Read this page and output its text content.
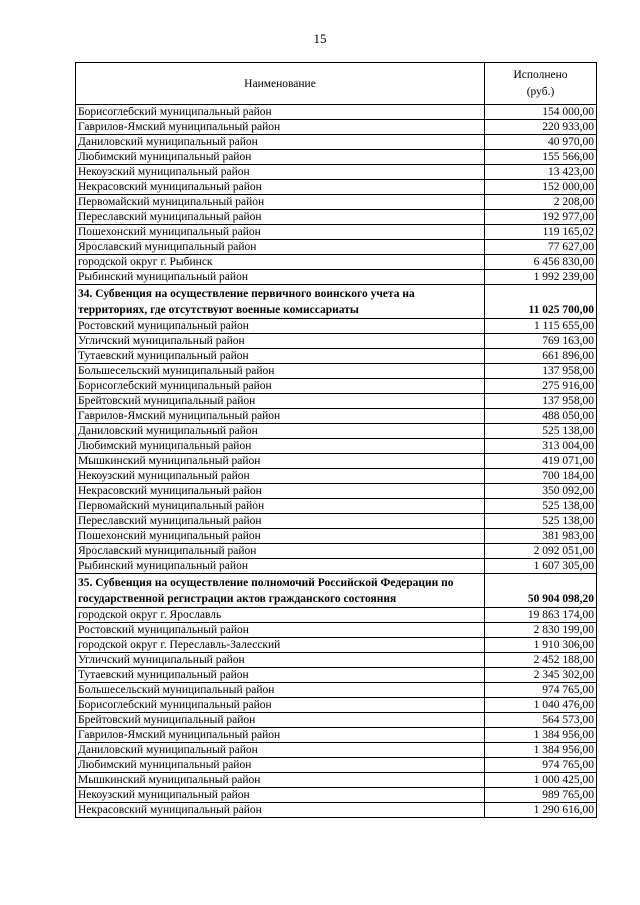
15
Наименование	Исполнено
(руб.)
Борисоглебский муниципальный район	154 000,00
Гаврилов-Ямский муниципальный район	220 933,00
Даниловский муниципальный район	40 970,00
Любимский муниципальный район	155 566,00
Некоузский муниципальный район	13 423,00
Некрасовский муниципальный район	152 000,00
Первомайский муниципальный район	2 208,00
Переславский муниципальный район	192 977,00
Пошехонский муниципальный район	119 165,02
Ярославский муниципальный район	77 627,00
городской округ г. Рыбинск	6 456 830,00
Рыбинский муниципальный район	1 992 239,00
34. Субвенция на осуществление первичного воинского учета на территориях, где отсутствуют военные комиссариаты	11 025 700,00
Ростовский муниципальный район	1 115 655,00
Угличский муниципальный район	769 163,00
Тутаевский муниципальный район	661 896,00
Большесельский муниципальный район	137 958,00
Борисоглебский муниципальный район	275 916,00
Брейтовский муниципальный район	137 958,00
Гаврилов-Ямский муниципальный район	488 050,00
Даниловский муниципальный район	525 138,00
Любимский муниципальный район	313 004,00
Мышкинский муниципальный район	419 071,00
Некоузский муниципальный район	700 184,00
Некрасовский муниципальный район	350 092,00
Первомайский муниципальный район	525 138,00
Переславский муниципальный район	525 138,00
Пошехонский муниципальный район	381 983,00
Ярославский муниципальный район	2 092 051,00
Рыбинский муниципальный район	1 607 305,00
35. Субвенция на осуществление полномочий Российской Федерации по государственной регистрации актов гражданского состояния	50 904 098,20
городской округ г. Ярославль	19 863 174,00
Ростовский муниципальный район	2 830 199,00
городской округ г. Переславль-Залесский	1 910 306,00
Угличский муниципальный район	2 452 188,00
Тутаевский муниципальный район	2 345 302,00
Большесельский муниципальный район	974 765,00
Борисоглебский муниципальный район	1 040 476,00
Брейтовский муниципальный район	564 573,00
Гаврилов-Ямский муниципальный район	1 384 956,00
Даниловский муниципальный район	1 384 956,00
Любимский муниципальный район	974 765,00
Мышкинский муниципальный район	1 000 425,00
Некоузский муниципальный район	989 765,00
Некрасовский муниципальный район	1 290 616,00
